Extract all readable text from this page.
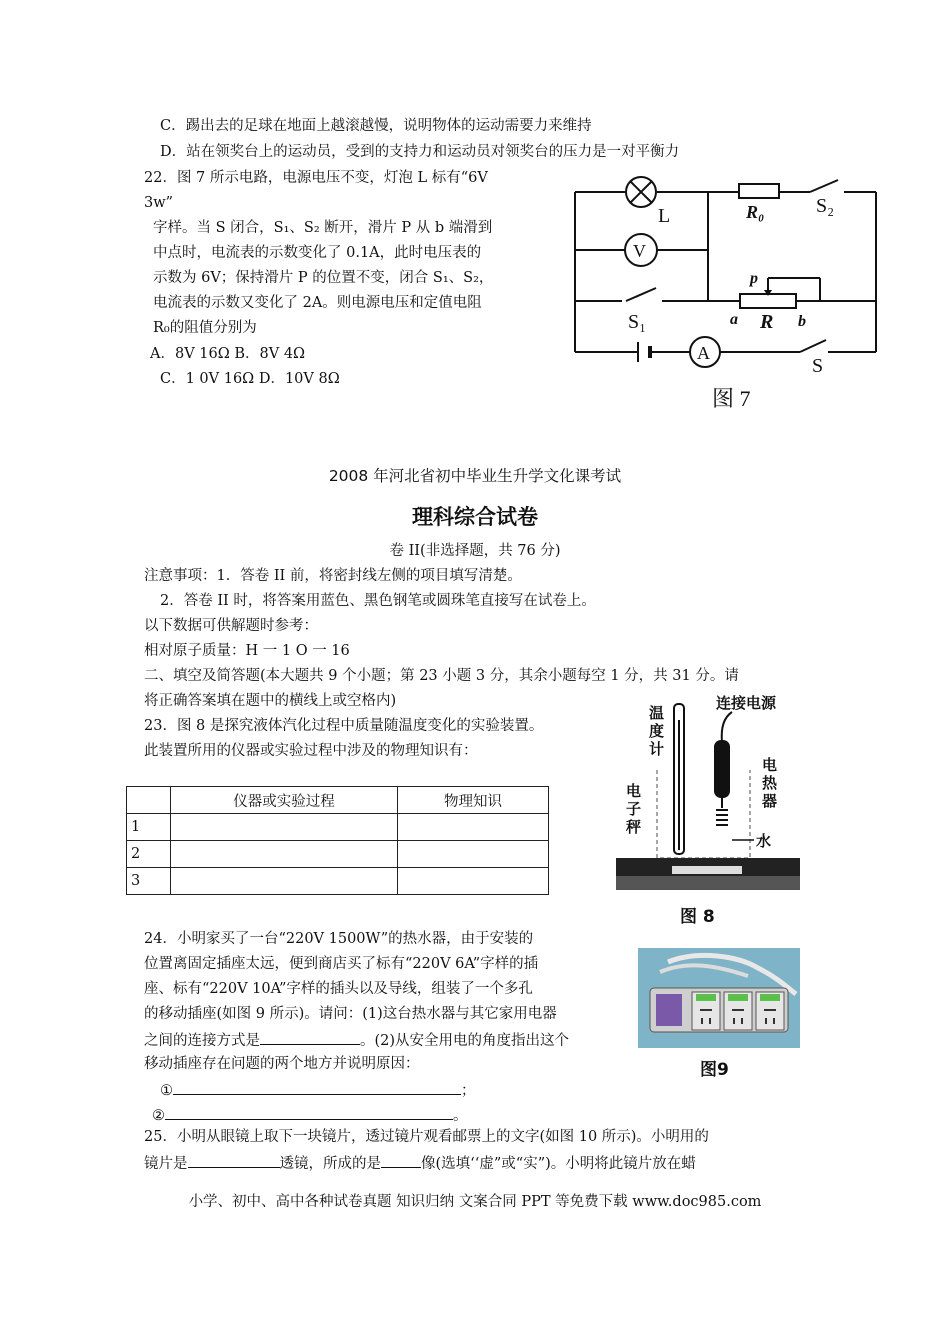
C．踢出去的足球在地面上越滚越慢，说明物体的运动需要力来维持
D．站在领奖台上的运动员，受到的支持力和运动员对领奖台的压力是一对平衡力
22．图 7 所示电路，电源电压不变，灯泡 L 标有“6V
3w”
字样。当 S 闭合，S₁、S₂ 断开，滑片 P 从 b 端滑到
中点时，电流表的示数变化了 0.1A，此时电压表的
示数为 6V；保持滑片 P 的位置不变，闭合 S₁、S₂，
电流表的示数又变化了 2A。则电源电压和定值电阻
R₀的阻值分别为
A．8V 16Ω B．8V 4Ω
C．1 0V 16Ω D．10V 8Ω
L	R₀	S₂
V
S₁
p
a R b
A
S
图 7
2008 年河北省初中毕业生升学文化课考试
理科综合试卷
卷 II(非选择题，共 76 分)
注意事项：1．答卷 II 前，将密封线左侧的项目填写清楚。
2．答卷 II 时，将答案用蓝色、黑色钢笔或圆珠笔直接写在试卷上。
以下数据可供解题时参考：
相对原子质量：H 一 1 O 一 16
二、填空及简答题(本大题共 9 个小题；第 23 小题 3 分，其余小题每空 1 分，共 31 分。请
将正确答案填在题中的横线上或空格内)
23．图 8 是探究液体汽化过程中质量随温度变化的实验装置。
此装置所用的仪器或实验过程中涉及的物理知识有：
	仪器或实验过程	物理知识
1		
2		
3		
连接电源
温
度
计
电
热
器
电
子
秤
水
图 8
24．小明家买了一台“220V 1500W”的热水器，由于安装的
位置离固定插座太远，便到商店买了标有“220V 6A”字样的插
座、标有“220V 10A”字样的插头以及导线，组装了一个多孔
的移动插座(如图 9 所示)。请问：(1)这台热水器与其它家用电器
之间的连接方式是	。(2)从安全用电的角度指出这个
移动插座存在问题的两个地方并说明原因：
①	；
②	。
图9
25．小明从眼镜上取下一块镜片，透过镜片观看邮票上的文字(如图 10 所示)。小明用的
镜片是	透镜，所成的是	像(选填‘‘虚”或“实”)。小明将此镜片放在蜡
小学、初中、高中各种试卷真题 知识归纳 文案合同 PPT 等免费下载 www.doc985.com
